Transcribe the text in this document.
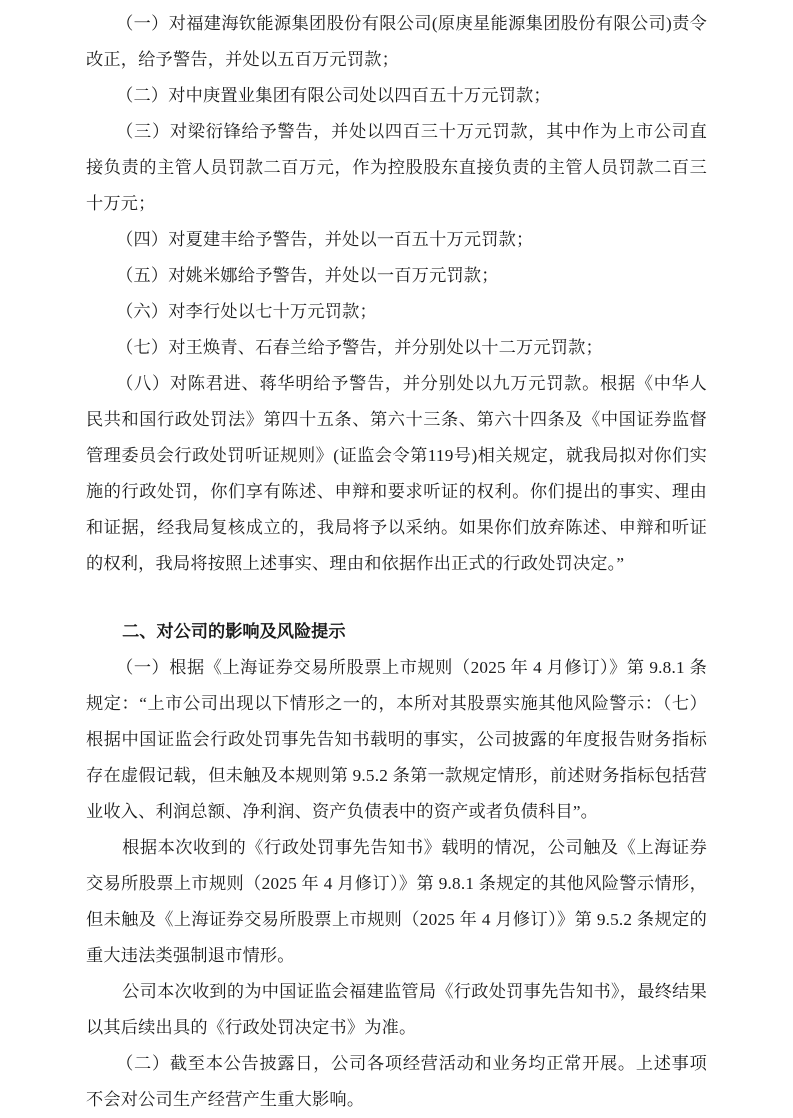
（一）对福建海钦能源集团股份有限公司(原庚星能源集团股份有限公司)责令改正，给予警告，并处以五百万元罚款；

（二）对中庚置业集团有限公司处以四百五十万元罚款；

（三）对梁衍锋给予警告，并处以四百三十万元罚款，其中作为上市公司直接负责的主管人员罚款二百万元，作为控股股东直接负责的主管人员罚款二百三十万元；

（四）对夏建丰给予警告，并处以一百五十万元罚款；

（五）对姚米娜给予警告，并处以一百万元罚款；

（六）对李行处以七十万元罚款；

（七）对王焕青、石春兰给予警告，并分别处以十二万元罚款；

（八）对陈君进、蒋华明给予警告，并分别处以九万元罚款。根据《中华人民共和国行政处罚法》第四十五条、第六十三条、第六十四条及《中国证券监督管理委员会行政处罚听证规则》(证监会令第119号)相关规定，就我局拟对你们实施的行政处罚，你们享有陈述、申辩和要求听证的权利。你们提出的事实、理由和证据，经我局复核成立的，我局将予以采纳。如果你们放弃陈述、申辩和听证的权利，我局将按照上述事实、理由和依据作出正式的行政处罚决定。”

二、对公司的影响及风险提示

（一）根据《上海证券交易所股票上市规则（2025 年 4 月修订）》第 9.8.1 条规定：“上市公司出现以下情形之一的，本所对其股票实施其他风险警示：（七）根据中国证监会行政处罚事先告知书载明的事实，公司披露的年度报告财务指标存在虚假记载，但未触及本规则第 9.5.2 条第一款规定情形，前述财务指标包括营业收入、利润总额、净利润、资产负债表中的资产或者负债科目”。

根据本次收到的《行政处罚事先告知书》载明的情况，公司触及《上海证券交易所股票上市规则（2025 年 4 月修订）》第 9.8.1 条规定的其他风险警示情形，但未触及《上海证券交易所股票上市规则（2025 年 4 月修订）》第 9.5.2 条规定的重大违法类强制退市情形。

公司本次收到的为中国证监会福建监管局《行政处罚事先告知书》，最终结果以其后续出具的《行政处罚决定书》为准。

（二）截至本公告披露日，公司各项经营活动和业务均正常开展。上述事项不会对公司生产经营产生重大影响。
